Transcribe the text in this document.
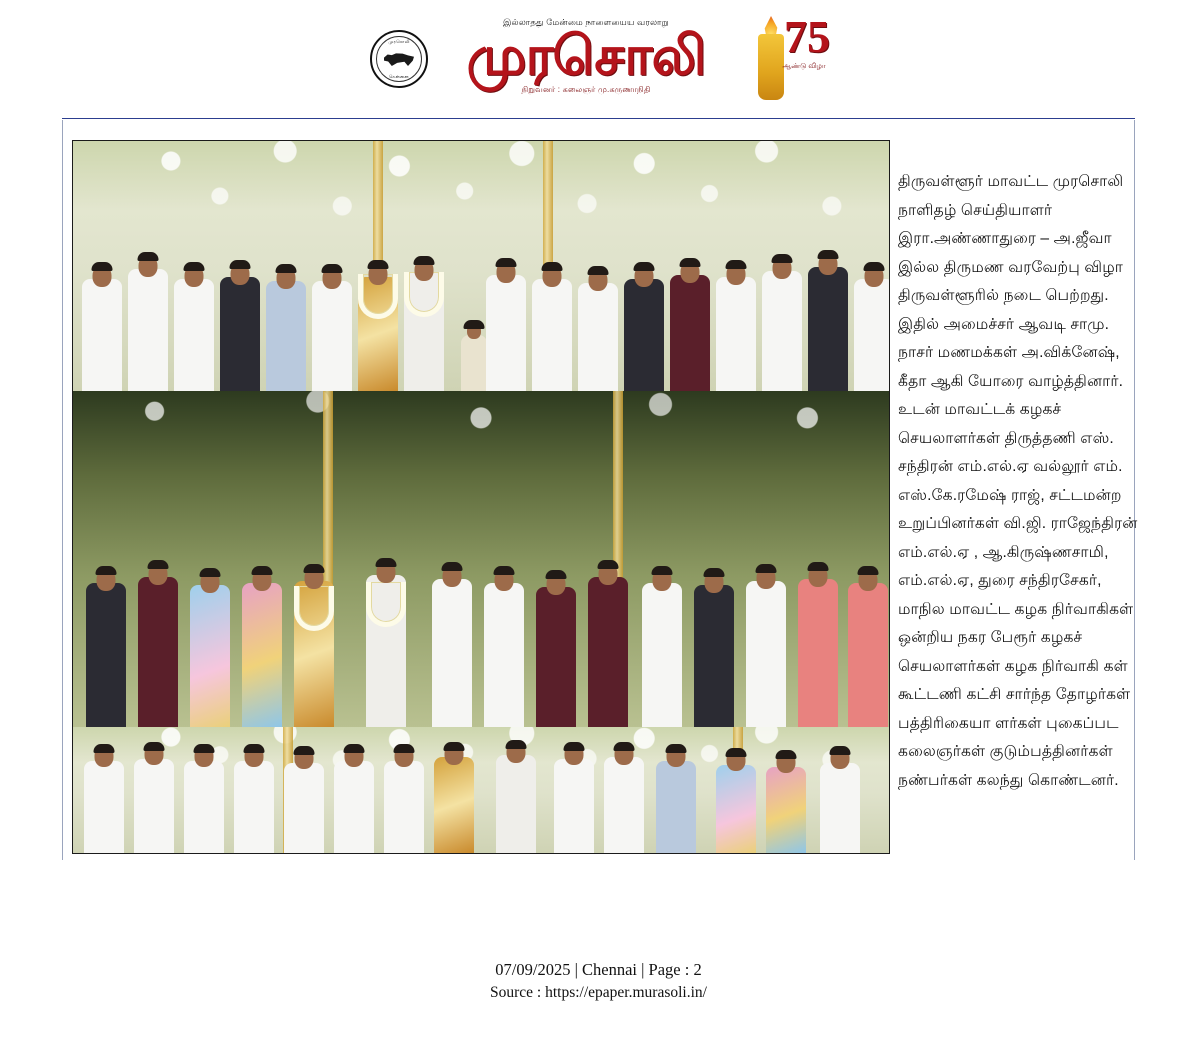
முரசொலி
சென்னை
இல்லாதது மேன்மை நாளையைய வரலாறு
முரசொலி
நிறுவனர் : கலைஞர் மு.கருணாநிதி
75
ஆண்டு விழா

திருவள்ளூர் மாவட்ட முரசொலி நாளிதழ் செய்தியாளர் இரா.அண்ணாதுரை – அ.ஜீவா இல்ல திருமண வரவேற்பு விழா திருவள்ளூரில் நடை பெற்றது. இதில் அமைச்சர் ஆவடி சாமு. நாசர் மணமக்கள் அ.விக்னேஷ், கீதா ஆகி யோரை வாழ்த்தினார். உடன் மாவட்டக் கழகச் செயலாளர்கள் திருத்தணி எஸ். சந்திரன் எம்.எல்.ஏ வல்லூர் எம். எஸ்.கே.ரமேஷ் ராஜ், சட்டமன்ற உறுப்பினர்கள் வி.ஜி. ராஜேந்திரன் எம்.எல்.ஏ , ஆ.கிருஷ்ணசாமி, எம்.எல்.ஏ, துரை சந்திரசேகர், மாநில மாவட்ட கழக நிர்வாகிகள் ஒன்றிய நகர பேரூர் கழகச் செயலாளர்கள் கழக நிர்வாகி கள் கூட்டணி கட்சி சார்ந்த தோழர்கள் பத்திரிகையா ளர்கள் புகைப்பட கலைஞர்கள் குடும்பத்தினர்கள் நண்பர்கள் கலந்து கொண்டனர்.

07/09/2025 | Chennai | Page : 2
Source : https://epaper.murasoli.in/
